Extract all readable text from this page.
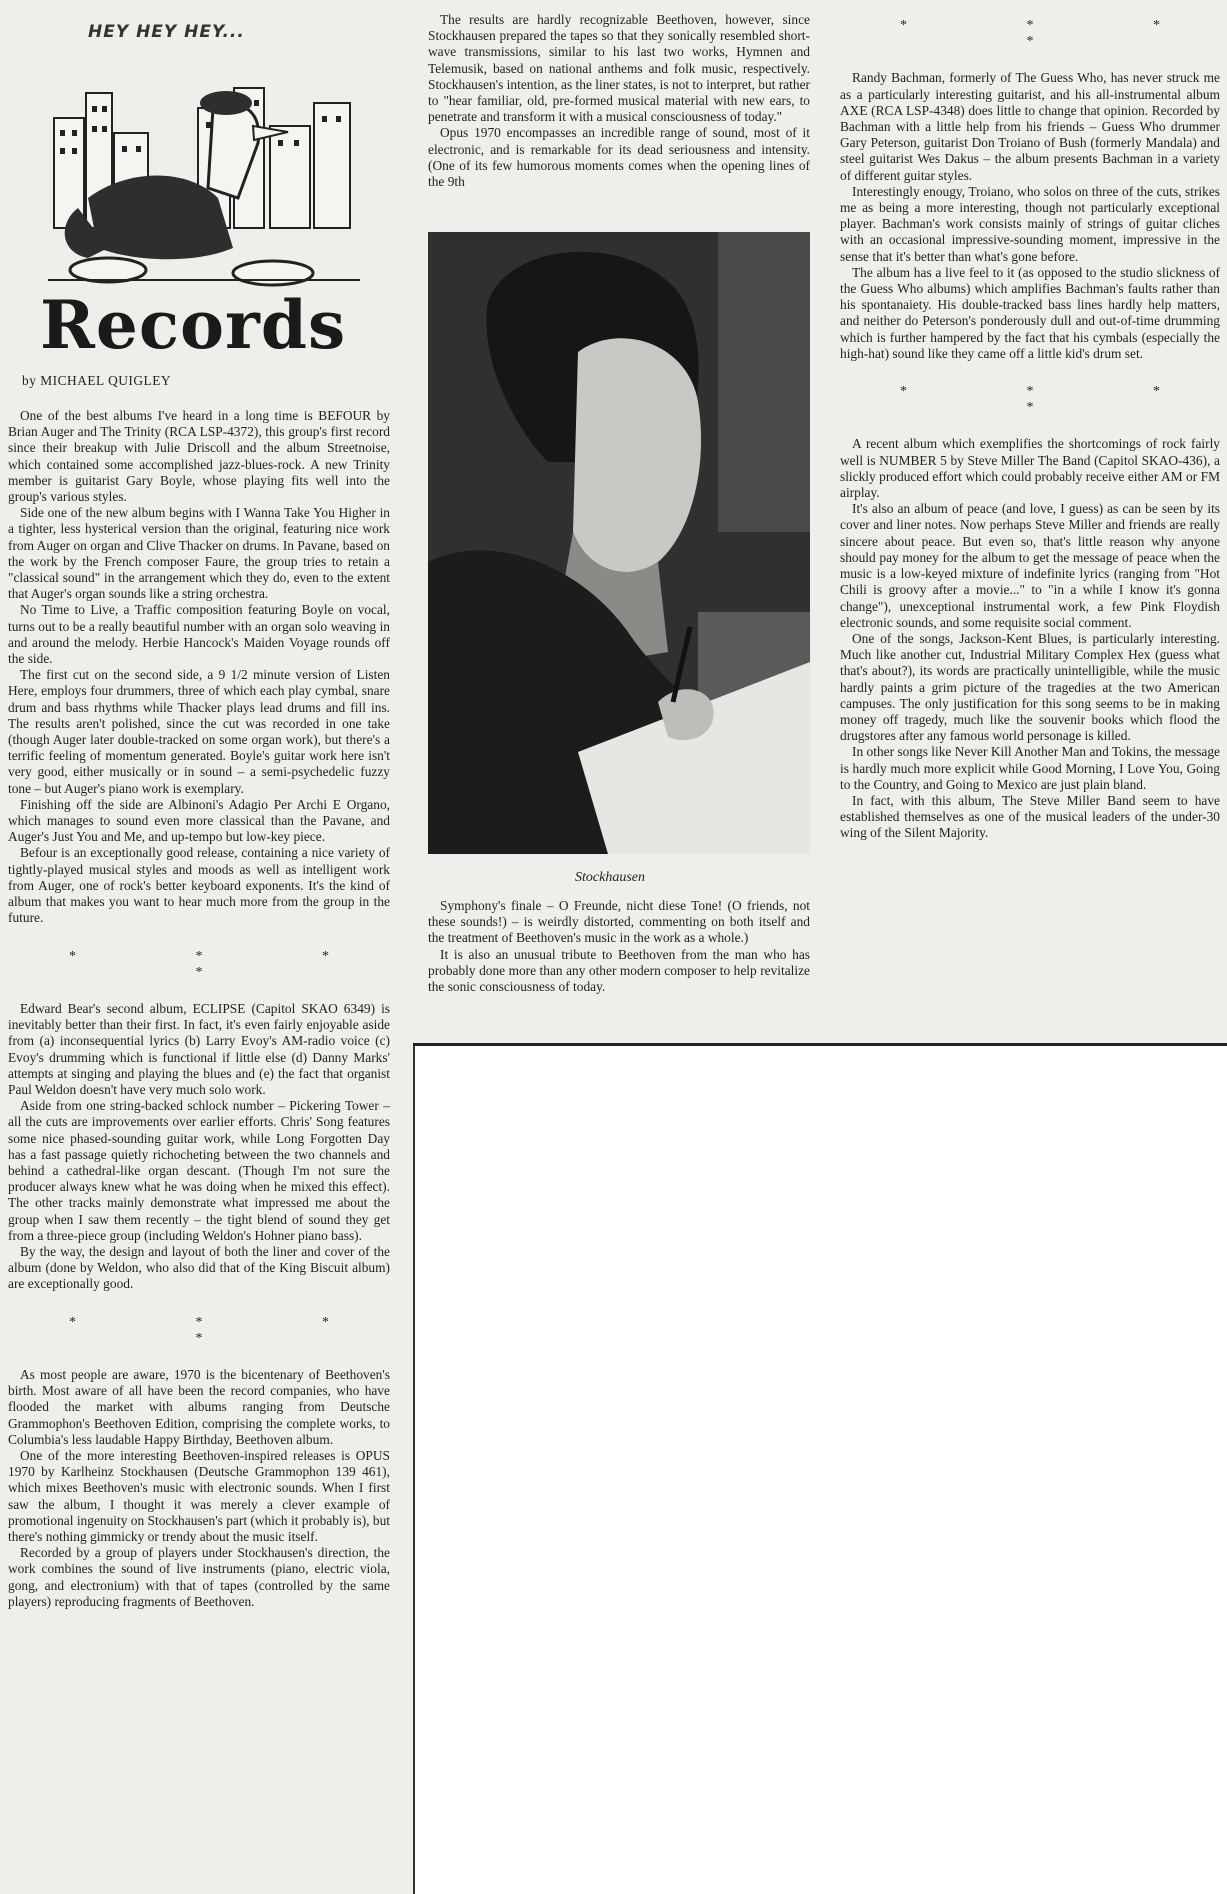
HEY HEY HEY...
Records
by MICHAEL QUIGLEY

One of the best albums I've heard in a long time is BEFOUR by Brian Auger and The Trinity (RCA LSP-4372), this group's first record since their breakup with Julie Driscoll and the album Streetnoise, which contained some accomplished jazz-blues-rock. A new Trinity member is guitarist Gary Boyle, whose playing fits well into the group's various styles.

Side one of the new album begins with I Wanna Take You Higher in a tighter, less hysterical version than the original, featuring nice work from Auger on organ and Clive Thacker on drums. In Pavane, based on the work by the French composer Faure, the group tries to retain a "classical sound" in the arrangement which they do, even to the extent that Auger's organ sounds like a string orchestra.

No Time to Live, a Traffic composition featuring Boyle on vocal, turns out to be a really beautiful number with an organ solo weaving in and around the melody. Herbie Hancock's Maiden Voyage rounds off the side.

The first cut on the second side, a 9 1/2 minute version of Listen Here, employs four drummers, three of which each play cymbal, snare drum and bass rhythms while Thacker plays lead drums and fill ins. The results aren't polished, since the cut was recorded in one take (though Auger later double-tracked on some organ work), but there's a terrific feeling of momentum generated. Boyle's guitar work here isn't very good, either musically or in sound – a semi-psychedelic fuzzy tone – but Auger's piano work is exemplary.

Finishing off the side are Albinoni's Adagio Per Archi E Organo, which manages to sound even more classical than the Pavane, and Auger's Just You and Me, and up-tempo but low-key piece.

Befour is an exceptionally good release, containing a nice variety of tightly-played musical styles and moods as well as intelligent work from Auger, one of rock's better keyboard exponents. It's the kind of album that makes you want to hear much more from the group in the future.

* * * *

Edward Bear's second album, ECLIPSE (Capitol SKAO 6349) is inevitably better than their first. In fact, it's even fairly enjoyable aside from (a) inconsequential lyrics (b) Larry Evoy's AM-radio voice (c) Evoy's drumming which is functional if little else (d) Danny Marks' attempts at singing and playing the blues and (e) the fact that organist Paul Weldon doesn't have very much solo work.

Aside from one string-backed schlock number – Pickering Tower – all the cuts are improvements over earlier efforts. Chris' Song features some nice phased-sounding guitar work, while Long Forgotten Day has a fast passage quietly richocheting between the two channels and behind a cathedral-like organ descant. (Though I'm not sure the producer always knew what he was doing when he mixed this effect). The other tracks mainly demonstrate what impressed me about the group when I saw them recently – the tight blend of sound they get from a three-piece group (including Weldon's Hohner piano bass).

By the way, the design and layout of both the liner and cover of the album (done by Weldon, who also did that of the King Biscuit album) are exceptionally good.

* * * *

As most people are aware, 1970 is the bicentenary of Beethoven's birth. Most aware of all have been the record companies, who have flooded the market with albums ranging from Deutsche Grammophon's Beethoven Edition, comprising the complete works, to Columbia's less laudable Happy Birthday, Beethoven album.

One of the more interesting Beethoven-inspired releases is OPUS 1970 by Karlheinz Stockhausen (Deutsche Grammophon 139 461), which mixes Beethoven's music with electronic sounds. When I first saw the album, I thought it was merely a clever example of promotional ingenuity on Stockhausen's part (which it probably is), but there's nothing gimmicky or trendy about the music itself.

Recorded by a group of players under Stockhausen's direction, the work combines the sound of live instruments (piano, electric viola, gong, and electronium) with that of tapes (controlled by the same players) reproducing fragments of Beethoven.

The results are hardly recognizable Beethoven, however, since Stockhausen prepared the tapes so that they sonically resembled short-wave transmissions, similar to his last two works, Hymnen and Telemusik, based on national anthems and folk music, respectively. Stockhausen's intention, as the liner states, is not to interpret, but rather to "hear familiar, old, pre-formed musical material with new ears, to penetrate and transform it with a musical consciousness of today."

Opus 1970 encompasses an incredible range of sound, most of it electronic, and is remarkable for its dead seriousness and intensity. (One of its few humorous moments comes when the opening lines of the 9th

Stockhausen

Symphony's finale – O Freunde, nicht diese Tone! (O friends, not these sounds!) – is weirdly distorted, commenting on both itself and the treatment of Beethoven's music in the work as a whole.)

It is also an unusual tribute to Beethoven from the man who has probably done more than any other modern composer to help revitalize the sonic consciousness of today.

* * * *

Randy Bachman, formerly of The Guess Who, has never struck me as a particularly interesting guitarist, and his all-instrumental album AXE (RCA LSP-4348) does little to change that opinion. Recorded by Bachman with a little help from his friends – Guess Who drummer Gary Peterson, guitarist Don Troiano of Bush (formerly Mandala) and steel guitarist Wes Dakus – the album presents Bachman in a variety of different guitar styles.

Interestingly enougy, Troiano, who solos on three of the cuts, strikes me as being a more interesting, though not particularly exceptional player. Bachman's work consists mainly of strings of guitar cliches with an occasional impressive-sounding moment, impressive in the sense that it's better than what's gone before.

The album has a live feel to it (as opposed to the studio slickness of the Guess Who albums) which amplifies Bachman's faults rather than his spontanaiety. His double-tracked bass lines hardly help matters, and neither do Peterson's ponderously dull and out-of-time drumming which is further hampered by the fact that his cymbals (especially the high-hat) sound like they came off a little kid's drum set.

* * * *

A recent album which exemplifies the shortcomings of rock fairly well is NUMBER 5 by Steve Miller The Band (Capitol SKAO-436), a slickly produced effort which could probably receive either AM or FM airplay.

It's also an album of peace (and love, I guess) as can be seen by its cover and liner notes. Now perhaps Steve Miller and friends are really sincere about peace. But even so, that's little reason why anyone should pay money for the album to get the message of peace when the music is a low-keyed mixture of indefinite lyrics (ranging from "Hot Chili is groovy after a movie..." to "in a while I know it's gonna change"), unexceptional instrumental work, a few Pink Floydish electronic sounds, and some requisite social comment.

One of the songs, Jackson-Kent Blues, is particularly interesting. Much like another cut, Industrial Military Complex Hex (guess what that's about?), its words are practically unintelligible, while the music hardly paints a grim picture of the tragedies at the two American campuses. The only justification for this song seems to be in making money off tragedy, much like the souvenir books which flood the drugstores after any famous world personage is killed.

In other songs like Never Kill Another Man and Tokins, the message is hardly much more explicit while Good Morning, I Love You, Going to the Country, and Going to Mexico are just plain bland.

In fact, with this album, The Steve Miller Band seem to have established themselves as one of the musical leaders of the under-30 wing of the Silent Majority.
